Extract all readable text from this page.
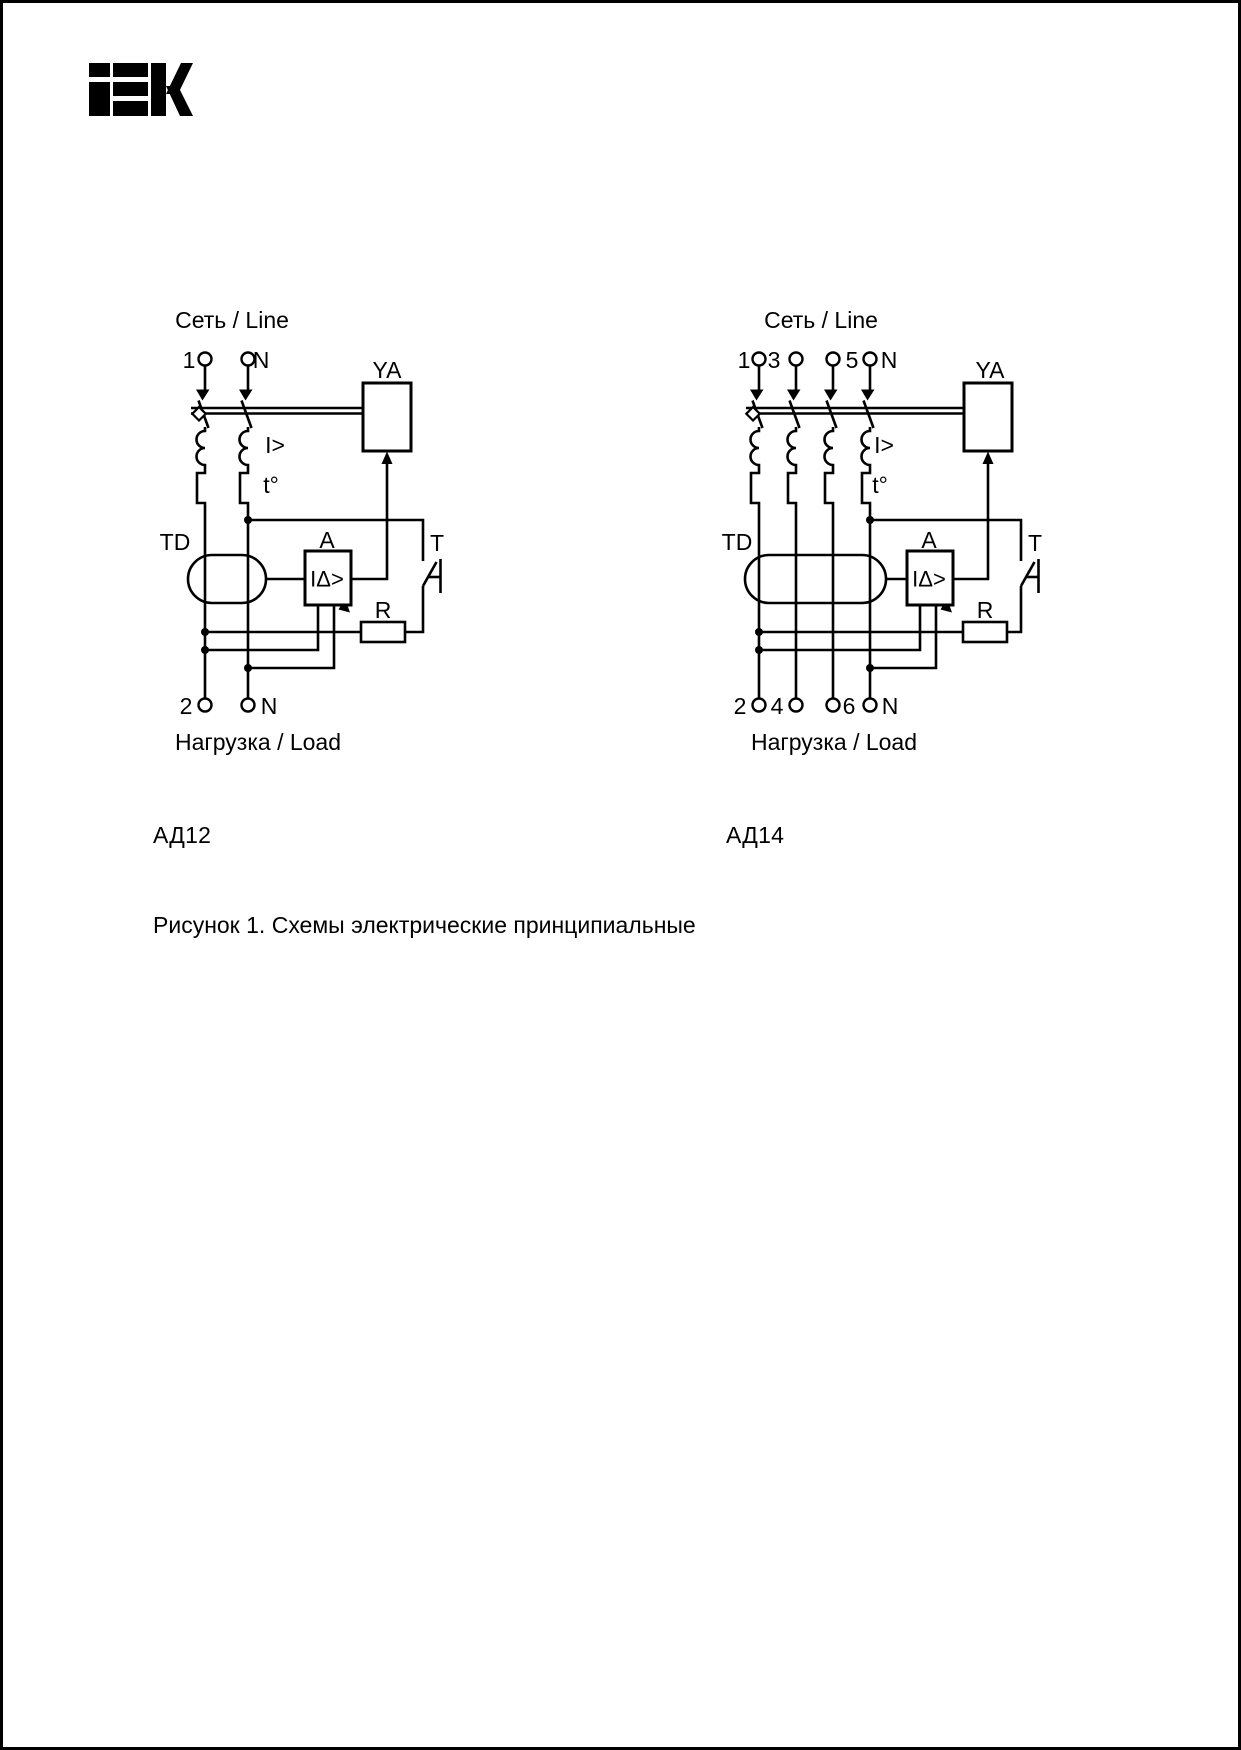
Сеть / Line
1 N	YA
I>
t°
TD	A
IΔ>
T
R
2	N
Нагрузка / Load
Сеть / Line
1 3	5 N	YA
I>
t°
TD	A
IΔ>
T
R
2 4	6 N
Нагрузка / Load
АД12	АД14
Рисунок 1. Схемы электрические принципиальные
